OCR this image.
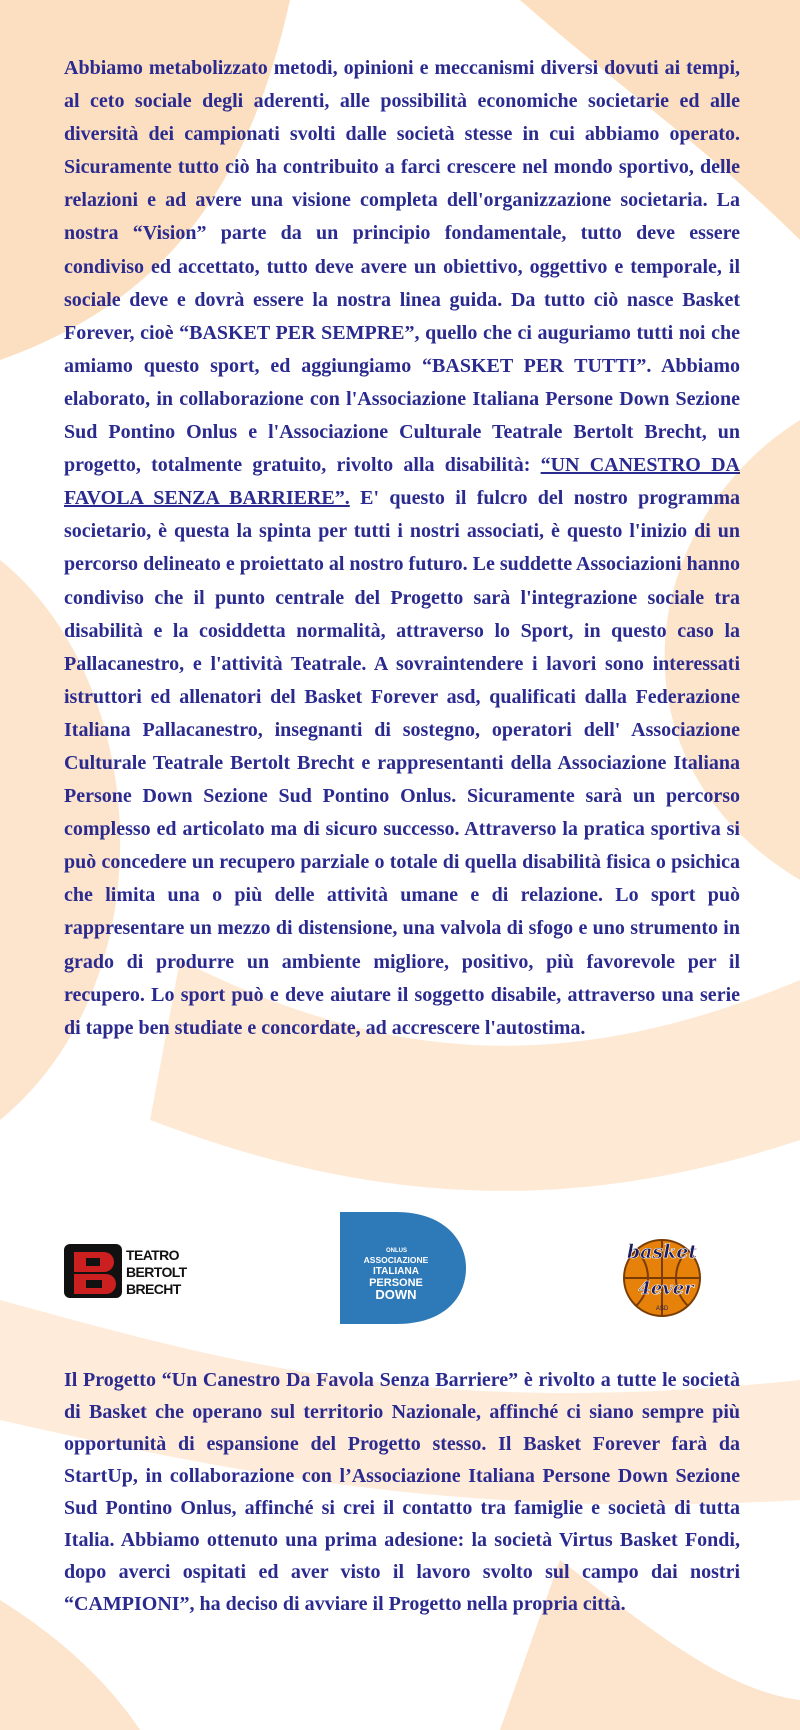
Abbiamo metabolizzato metodi, opinioni e meccanismi diversi dovuti ai tempi, al ceto sociale degli aderenti, alle possibilità economiche societarie ed alle diversità dei campionati svolti dalle società stesse in cui abbiamo operato. Sicuramente tutto ciò ha contribuito a farci crescere nel mondo sportivo, delle relazioni e ad avere una visione completa dell'organizzazione societaria. La nostra “Vision” parte da un principio fondamentale, tutto deve essere condiviso ed accettato, tutto deve avere un obiettivo, oggettivo e temporale, il sociale deve e dovrà essere la nostra linea guida. Da tutto ciò nasce Basket Forever, cioè “BASKET PER SEMPRE”, quello che ci auguriamo tutti noi che amiamo questo sport, ed aggiungiamo “BASKET PER TUTTI”. Abbiamo elaborato, in collaborazione con l'Associazione Italiana Persone Down Sezione Sud Pontino Onlus e l'Associazione Culturale Teatrale Bertolt Brecht, un progetto, totalmente gratuito, rivolto alla disabilità: “UN CANESTRO DA FAVOLA SENZA BARRIERE”. E' questo il fulcro del nostro programma societario, è questa la spinta per tutti i nostri associati, è questo l'inizio di un percorso delineato e proiettato al nostro futuro. Le suddette Associazioni hanno condiviso che il punto centrale del Progetto sarà l'integrazione sociale tra disabilità e la cosiddetta normalità, attraverso lo Sport, in questo caso la Pallacanestro, e l'attività Teatrale. A sovraintendere i lavori sono interessati istruttori ed allenatori del Basket Forever asd, qualificati dalla Federazione Italiana Pallacanestro, insegnanti di sostegno, operatori dell' Associazione Culturale Teatrale Bertolt Brecht e rappresentanti della Associazione Italiana Persone Down Sezione Sud Pontino Onlus. Sicuramente sarà un percorso complesso ed articolato ma di sicuro successo. Attraverso la pratica sportiva si può concedere un recupero parziale o totale di quella disabilità fisica o psichica che limita una o più delle attività umane e di relazione. Lo sport può rappresentare un mezzo di distensione, una valvola di sfogo e uno strumento in grado di produrre un ambiente migliore, positivo, più favorevole per il recupero. Lo sport può e deve aiutare il soggetto disabile, attraverso una serie di tappe ben studiate e concordate, ad accrescere l'autostima.

TEATRO
BERTOLT
BRECHT
ONLUS
ASSOCIAZIONE
ITALIANA
PERSONE
DOWN
basket
4ever
ASD

Il Progetto “Un Canestro Da Favola Senza Barriere” è rivolto a tutte le società di Basket che operano sul territorio Nazionale, affinché ci siano sempre più opportunità di espansione del Progetto stesso. Il Basket Forever farà da StartUp, in collaborazione con l’Associazione Italiana Persone Down Sezione Sud Pontino Onlus, affinché si crei il contatto tra famiglie e società di tutta Italia. Abbiamo ottenuto una prima adesione: la società Virtus Basket Fondi, dopo averci ospitati ed aver visto il lavoro svolto sul campo dai nostri “CAMPIONI”, ha deciso di avviare il Progetto nella propria città.
